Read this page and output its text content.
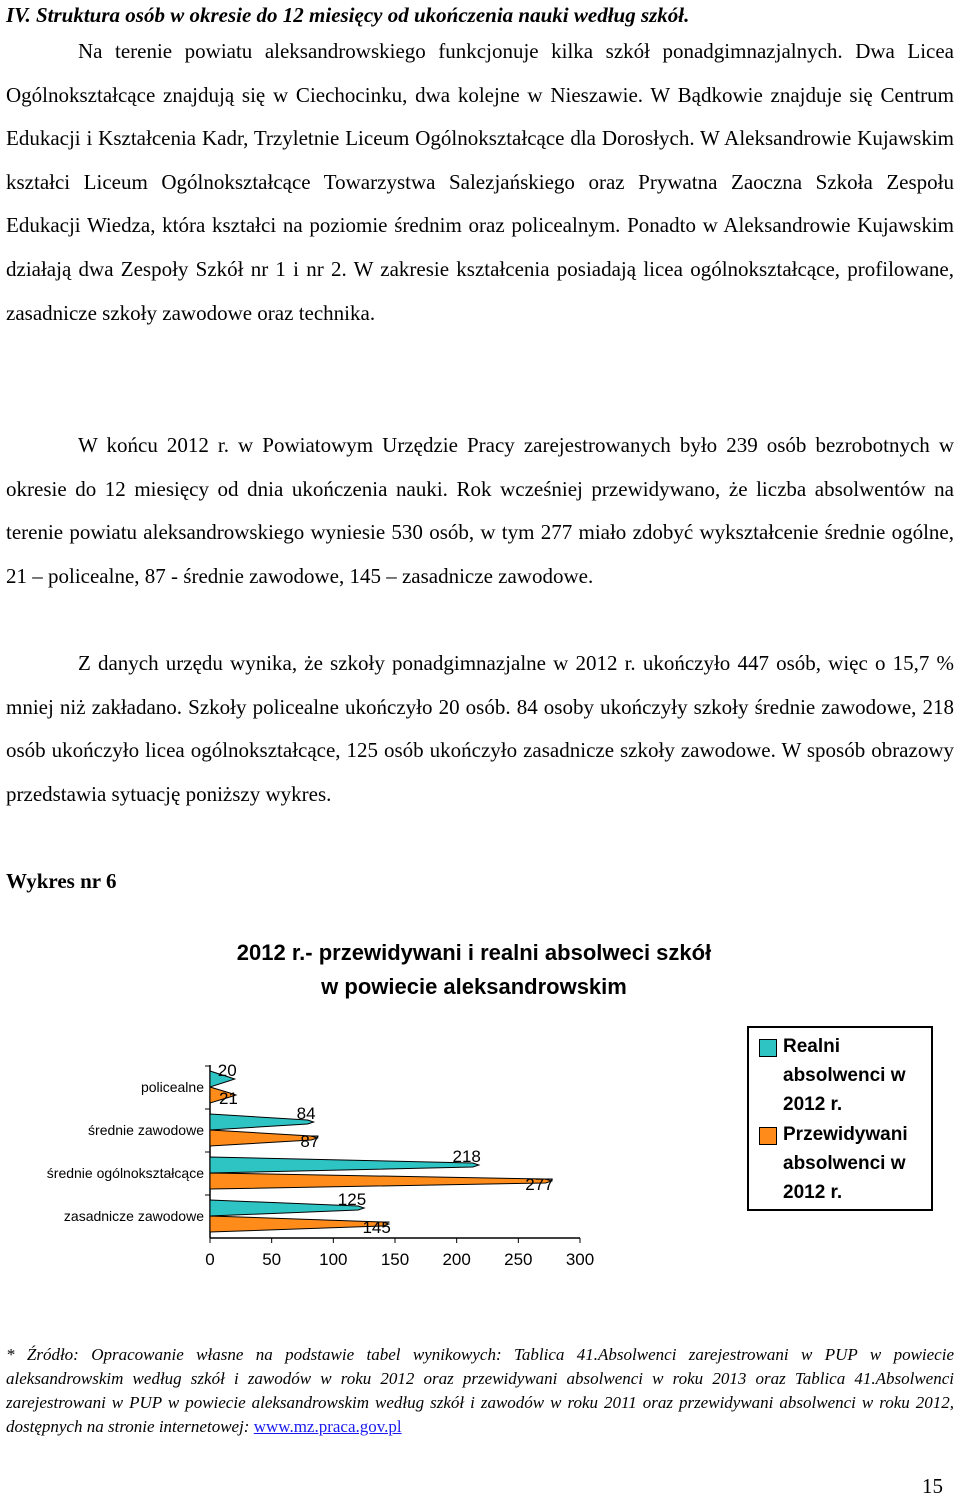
IV. Struktura osób w okresie do 12 miesięcy od ukończenia nauki według szkół.

Na terenie powiatu aleksandrowskiego funkcjonuje kilka szkół ponadgimnazjalnych. Dwa Licea Ogólnokształcące znajdują się w Ciechocinku, dwa kolejne w Nieszawie. W Bądkowie znajduje się Centrum Edukacji i Kształcenia Kadr, Trzyletnie Liceum Ogólnokształcące dla Dorosłych. W Aleksandrowie Kujawskim kształci Liceum Ogólnokształcące Towarzystwa Salezjańskiego oraz Prywatna Zaoczna Szkoła Zespołu Edukacji Wiedza, która kształci na poziomie średnim oraz policealnym. Ponadto w Aleksandrowie Kujawskim działają dwa Zespoły Szkół nr 1 i nr 2. W zakresie kształcenia posiadają licea ogólnokształcące, profilowane, zasadnicze szkoły zawodowe oraz technika.

W końcu 2012 r. w Powiatowym Urzędzie Pracy zarejestrowanych było 239 osób bezrobotnych w okresie do 12 miesięcy od dnia ukończenia nauki. Rok wcześniej przewidywano, że liczba absolwentów na terenie powiatu aleksandrowskiego wyniesie 530 osób, w tym 277 miało zdobyć wykształcenie średnie ogólne, 21 – policealne, 87 - średnie zawodowe, 145 – zasadnicze zawodowe.

Z danych urzędu wynika, że szkoły ponadgimnazjalne w 2012 r. ukończyło 447 osób, więc o 15,7 % mniej niż zakładano. Szkoły policealne ukończyło 20 osób. 84 osoby ukończyły szkoły średnie zawodowe, 218 osób ukończyło licea ogólnokształcące, 125 osób ukończyło zasadnicze szkoły zawodowe. W sposób obrazowy przedstawia sytuację poniższy wykres.

Wykres nr 6
2012 r.- przewidywani i realni absolweci szkół
w powiecie aleksandrowskim
0	50 100 150 200 250 300
policealne
20
21
średnie zawodowe
84
87
średnie ogólnokształcące
218
277
zasadnicze zawodowe
125
145
Realni absolwenci w 2012 r.
Przewidywani absolwenci w 2012 r.
* Źródło: Opracowanie własne na podstawie tabel wynikowych: Tablica 41.Absolwenci zarejestrowani w PUP w powiecie aleksandrowskim według szkół i zawodów w roku 2012 oraz przewidywani absolwenci w roku 2013 oraz Tablica 41.Absolwenci zarejestrowani w PUP w powiecie aleksandrowskim według szkół i zawodów w roku 2011 oraz przewidywani absolwenci w roku 2012, dostępnych na stronie internetowej: www.mz.praca.gov.pl
15
